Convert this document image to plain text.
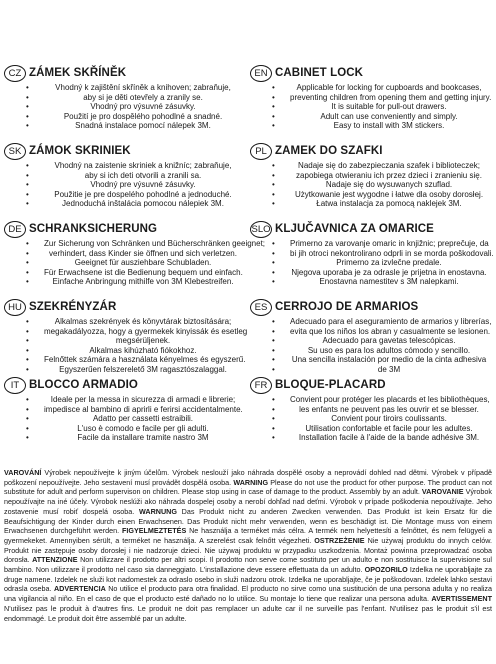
CZ ZÁMEK SKŘÍNĚK
• Vhodný k zajištění skříněk a knihoven; zabraňuje,
• aby si je děti otevřely a zranily se.
• Vhodný pro výsuvné zásuvky.
• Použití je pro dospělého pohodlné a snadné.
• Snadná instalace pomocí nálepek 3M.
SK ZÁMOK SKRINIEK
• Vhodný na zaistenie skriniek a knižníc; zabraňuje,
• aby si ich deti otvorili a zranili sa.
• Vhodný pre výsuvné zásuvky.
• Použitie je pre dospelého pohodlné a jednoduché.
• Jednoduchá inštalácia pomocou nálepiek 3M.
DE SCHRANKSICHERUNG
• Zur Sicherung von Schränken und Bücherschränken geeignet;
• verhindert, dass Kinder sie öffnen und sich verletzen.
• Geeignet für ausziehbare Schubladen.
• Für Erwachsene ist die Bedienung bequem und einfach.
• Einfache Anbringung mithilfe von 3M Klebestreifen.
HU SZEKRÉNYZÁR
• Alkalmas szekrények és könyvtárak biztosítására;
• megakadályozza, hogy a gyermekek kinyissák és esetleg
• megsérüljenek.
• Alkalmas kihúzható fiókokhoz.
• Felnőttek számára a használata kényelmes és egyszerű.
• Egyszerűen felszerelető 3M ragasztószalaggal.
IT BLOCCO ARMADIO
• Ideale per la messa in sicurezza di armadi e librerie;
• impedisce al bambino di aprirli e ferirsi accidentalmente.
• Adatto per cassetti estraibili.
• L'uso è comodo e facile per gli adulti.
• Facile da installare tramite nastro 3M
EN CABINET LOCK
• Applicable for locking for cupboards and bookcases,
• preventing children from opening them and getting injury.
• It is suitable for pull-out drawers.
• Adult can use conveniently and simply.
• Easy to install with 3M stickers.
PL ZAMEK DO SZAFKI
• Nadaje się do zabezpieczania szafek i biblioteczek;
• zapobiega otwieraniu ich przez dzieci i zranieniu się.
• Nadaje się do wysuwanych szuflad.
• Użytkowanie jest wygodne i łatwe dla osoby dorosłej.
• Łatwa instalacja za pomocą naklejek 3M.
SLO KLJUČAVNICA ZA OMARICE
• Primerno za varovanje omaric in knjižnic; preprečuje, da
• bi jih otroci nekontrolirano odprli in se morda poškodovali.
• Primerno za izvlečne predale.
• Njegova uporaba je za odrasle je prijetna in enostavna.
• Enostavna namestitev s 3M nalepkami.
ES CERROJO DE ARMARIOS
• Adecuado para el aseguramiento de armarios y librerías,
• evita que los niños los abran y casualmente se lesionen.
• Adecuado para gavetas telescópicas.
• Su uso es para los adultos cómodo y sencillo.
• Una sencilla instalación por medio de la cinta adhesiva
• de 3M
FR BLOQUE-PLACARD
• Convient pour protéger les placards et les bibliothèques,
• les enfants ne peuvent pas les ouvrir et se blesser.
• Convient pour tiroirs coulissants.
• Utilisation confortable et facile pour les adultes.
• Installation facile à l'aide de la bande adhésive 3M.
VAROVÁNÍ Výrobek nepoužívejte k jiným účelům. Výrobek neslouží jako náhrada dospělé osoby a neprovádí dohled nad dětmi. Výrobek v případě poškození nepoužívejte. Jeho sestavení musí provádět dospělá osoba. WARNING Please do not use the product for other purpose. The product can not substitute for adult and perform supervison on children. Please stop using in case of damage to the product. Assembly by an adult. VAROVANIE Výrobok nepoužívajte na iné účely. Výrobok neslúži ako náhrada dospelej osoby a nerobí dohľad nad deťmi. Výrobok v prípade poškodenia nepoužívajte. Jeho zostavenie musí robiť dospelá osoba. WARNUNG Das Produkt nicht zu anderen Zwecken verwenden. Das Produkt ist kein Ersatz für die Beaufsichtigung der Kinder durch einen Erwachsenen. Das Produkt nicht mehr verwenden, wenn es beschädigt ist. Die Montage muss von einem Erwachsenen durchgeführt werden. FIGYELMEZTETÉS Ne használja a terméket más célra. A termék nem helyettesíti a felnőttet, és nem felügyeli a gyermekeket. Amennyiben sérült, a terméket ne használja. A szerelést csak felnőtt végezheti. OSTRZEŻENIE Nie używaj produktu do innych celów. Produkt nie zastępuje osoby dorosłej i nie nadzoruje dzieci. Nie używaj produktu w przypadku uszkodzenia. Montaż powinna przeprowadzać osoba dorosła. ATTENZIONE Non utilizzare il prodotto per altri scopi. Il prodotto non serve come sostituto per un adulto e non sostituisce la supervisione sul bambino. Non utilizzare il prodotto nel caso sia danneggiato. L'installazione deve essere effettuata da un adulto. OPOZORILO Izdelka ne uporabljajte za druge namene. Izdelek ne služi kot nadomestek za odraslo osebo in služi nadzoru otrok. Izdelka ne uporabljajte, če je poškodovan. Izdelek lahko sestavi odrasla oseba. ADVERTENCIA No utilice el producto para otra finalidad. El producto no sirve como una sustitución de una persona adulta y no realiza una vigilancia al niño. En el caso de que el producto esté dañado no lo utilice. Su montaje lo tiene que realizar una persona adulta. AVERTISSEMENT N'utilisez pas le produit à d'autres fins. Le produit ne doit pas remplacer un adulte car il ne surveille pas l'enfant. N'utilisez pas le produit s'il est endommagé. Le produit doit être assemblé par un adulte.
